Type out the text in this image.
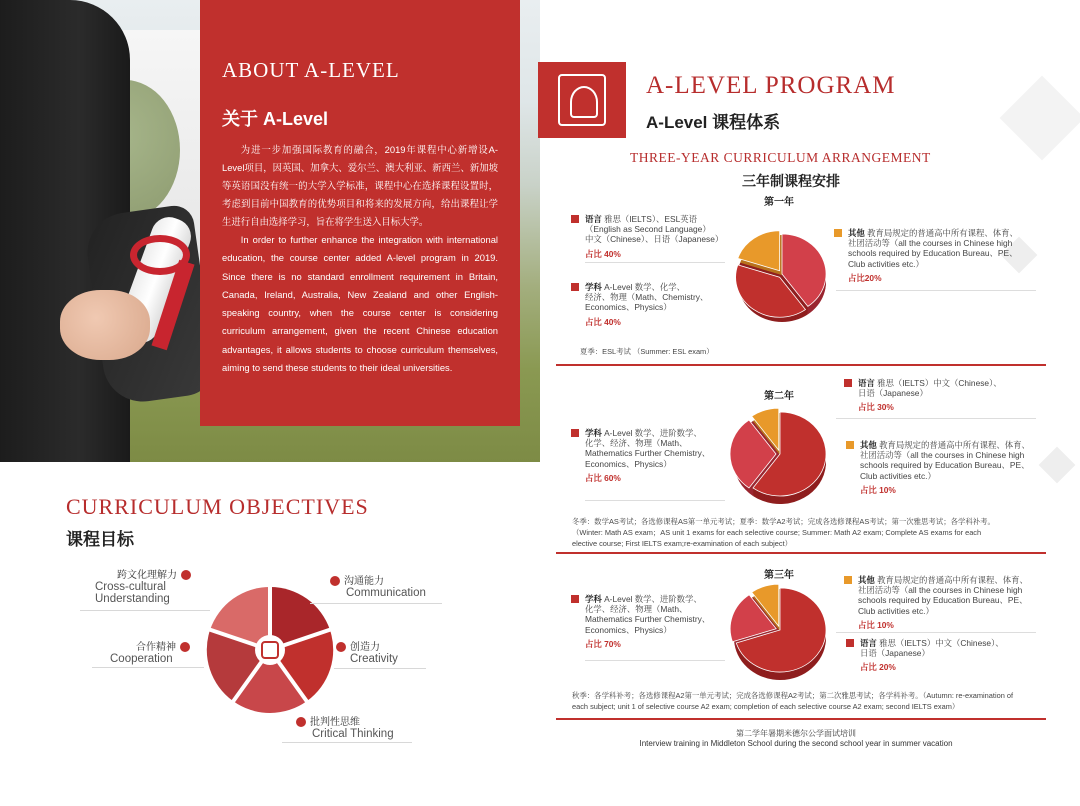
ABOUT A-LEVEL
关于 A-Level

为进一步加强国际教育的融合，2019年课程中心新增设A-Level项目，因英国、加拿大、爱尔兰、澳大利亚、新西兰、新加坡等英语国没有统一的大学入学标准，课程中心在选择课程设置时，考虑到目前中国教育的优势项目和将来的发展方向，给出课程让学生进行自由选择学习，旨在将学生送入目标大学。

In order to further enhance the integration with international education, the course center added A-level program in 2019. Since there is no standard enrollment requirement in Britain, Canada, Ireland, Australia, New Zealand and other English-speaking country, when the course center is considering curriculum arrangement, given the recent Chinese education advantages, it allows students to choose curriculum themselves, aiming to send these students to their ideal universities.

CURRICULUM OBJECTIVES
课程目标
跨文化理解力
Cross-cultural
Understanding
沟通能力
Communication
合作精神
Cooperation
创造力
Creativity
批判性思维
Critical Thinking
A-LEVEL PROGRAM
A-Level 课程体系
THREE-YEAR CURRICULUM ARRANGEMENT
三年制课程安排
第一年
语言 雅思（IELTS）、ESL英语
（English as Second Language）
中文（Chinese）、日语（Japanese）
占比 40%
学科 A-Level 数学、化学、
经济、物理（Math、Chemistry、
Economics、Physics）
占比 40%
其他 教育局规定的普通高中所有课程、体育、
社团活动等（all the courses in Chinese high
schools required by Education Bureau、PE、
Club activities etc.）
占比20%
夏季：ESL考试 （Summer: ESL exam）
第二年
语言 雅思（IELTS）中文（Chinese）、
日语（Japanese）
占比 30%
学科 A-Level 数学、进阶数学、
化学、经济、物理（Math、
Mathematics Further Chemistry、
Economics、Physics）
占比 60%
其他 教育局规定的普通高中所有课程、体育、
社团活动等（all the courses in Chinese high
schools required by Education Bureau、PE、
Club activities etc.）
占比 10%
冬季：数学AS考试；各选修课程AS第一单元考试；夏季：数学A2考试；完成各选修课程AS考试；第一次雅思考试；各学科补考。
（Winter: Math AS exam；AS unit 1 exams for each selective course; Summer: Math A2 exam; Complete AS exams for each
elective course; First IELTS exam;re-examination of each subject）
第三年
学科 A-Level 数学、进阶数学、
化学、经济、物理（Math、
Mathematics Further Chemistry、
Economics、Physics）
占比 70%
其他 教育局规定的普通高中所有课程、体育、
社团活动等（all the courses in Chinese high
schools required by Education Bureau、PE、
Club activities etc.）
占比 10%
语言 雅思（IELTS）中文（Chinese）、
日语（Japanese）
占比 20%
秋季：各学科补考；各选修课程A2第一单元考试；完成各选修课程A2考试；第二次雅思考试；各学科补考。（Autumn: re-examination of
each subject; unit 1 of selective course A2 exam; completion of each selective course A2 exam; second IELTS exam）
第二学年暑期米德尔公学面试培训
Interview training in Middleton School during the second school year in summer vacation
